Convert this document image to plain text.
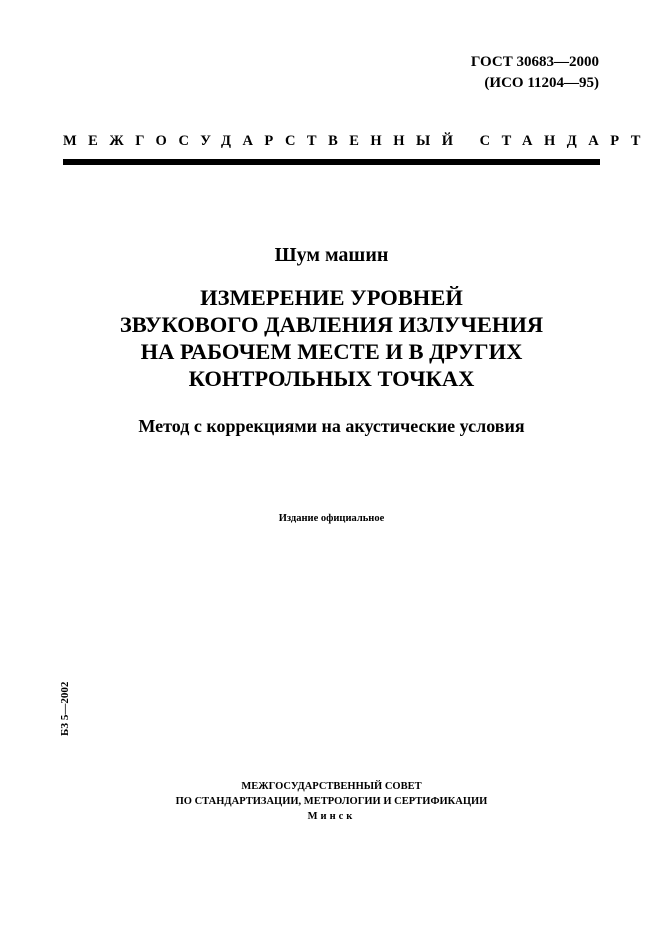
ГОСТ 30683—2000
(ИСО 11204—95)
МЕЖГОСУДАРСТВЕННЫЙ СТАНДАРТ
Шум машин
ИЗМЕРЕНИЕ УРОВНЕЙ
ЗВУКОВОГО ДАВЛЕНИЯ ИЗЛУЧЕНИЯ
НА РАБОЧЕМ МЕСТЕ И В ДРУГИХ
КОНТРОЛЬНЫХ ТОЧКАХ
Метод с коррекциями на акустические условия
Издание официальное
БЗ 5—2002
МЕЖГОСУДАРСТВЕННЫЙ СОВЕТ
ПО СТАНДАРТИЗАЦИИ, МЕТРОЛОГИИ И СЕРТИФИКАЦИИ
Минск
